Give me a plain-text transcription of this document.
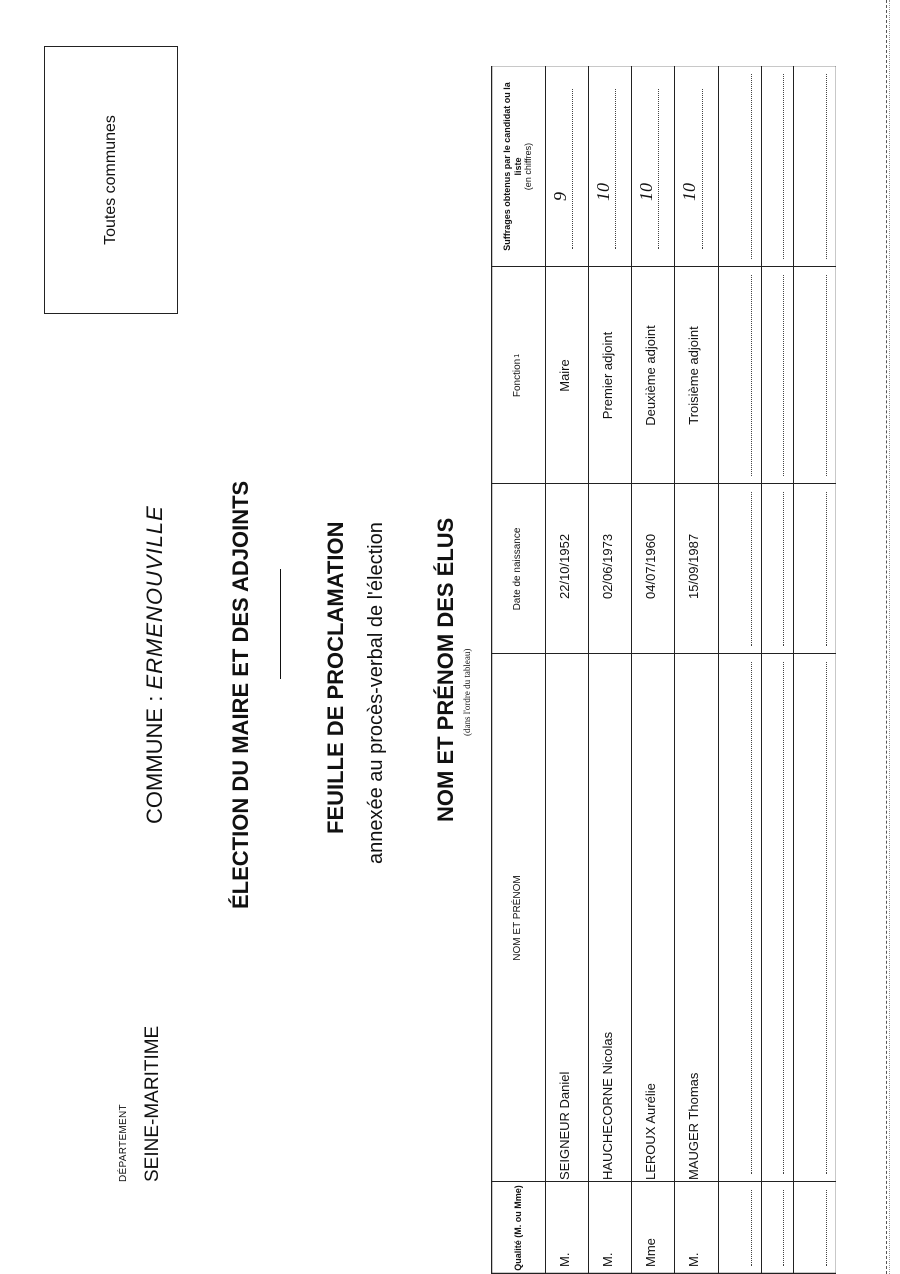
DÉPARTEMENT SEINE-MARITIME
COMMUNE : ERMENOUVILLE	ÉLECTION DU MAIRE ET DES ADJOINTS	FEUILLE DE PROCLAMATION annexée au procès-verbal de l'élection NOM ET PRÉNOM DES ÉLUS (dans l'ordre du tableau)
Toutes communes
Qualité (M. ou Mme)
NOM ET PRÉNOM
Date de naissance
Fonction
1
Suffrages obtenus par le candidat ou la liste (en chiffres)
M.
SEIGNEUR Daniel
22/10/1952
Maire
9
M.
HAUCHECORNE Nicolas
02/06/1973
Premier adjoint
10
Mme
LEROUX Aurélie
04/07/1960
Deuxième adjoint
10
M.
MAUGER Thomas
15/09/1987
Troisième adjoint
10
